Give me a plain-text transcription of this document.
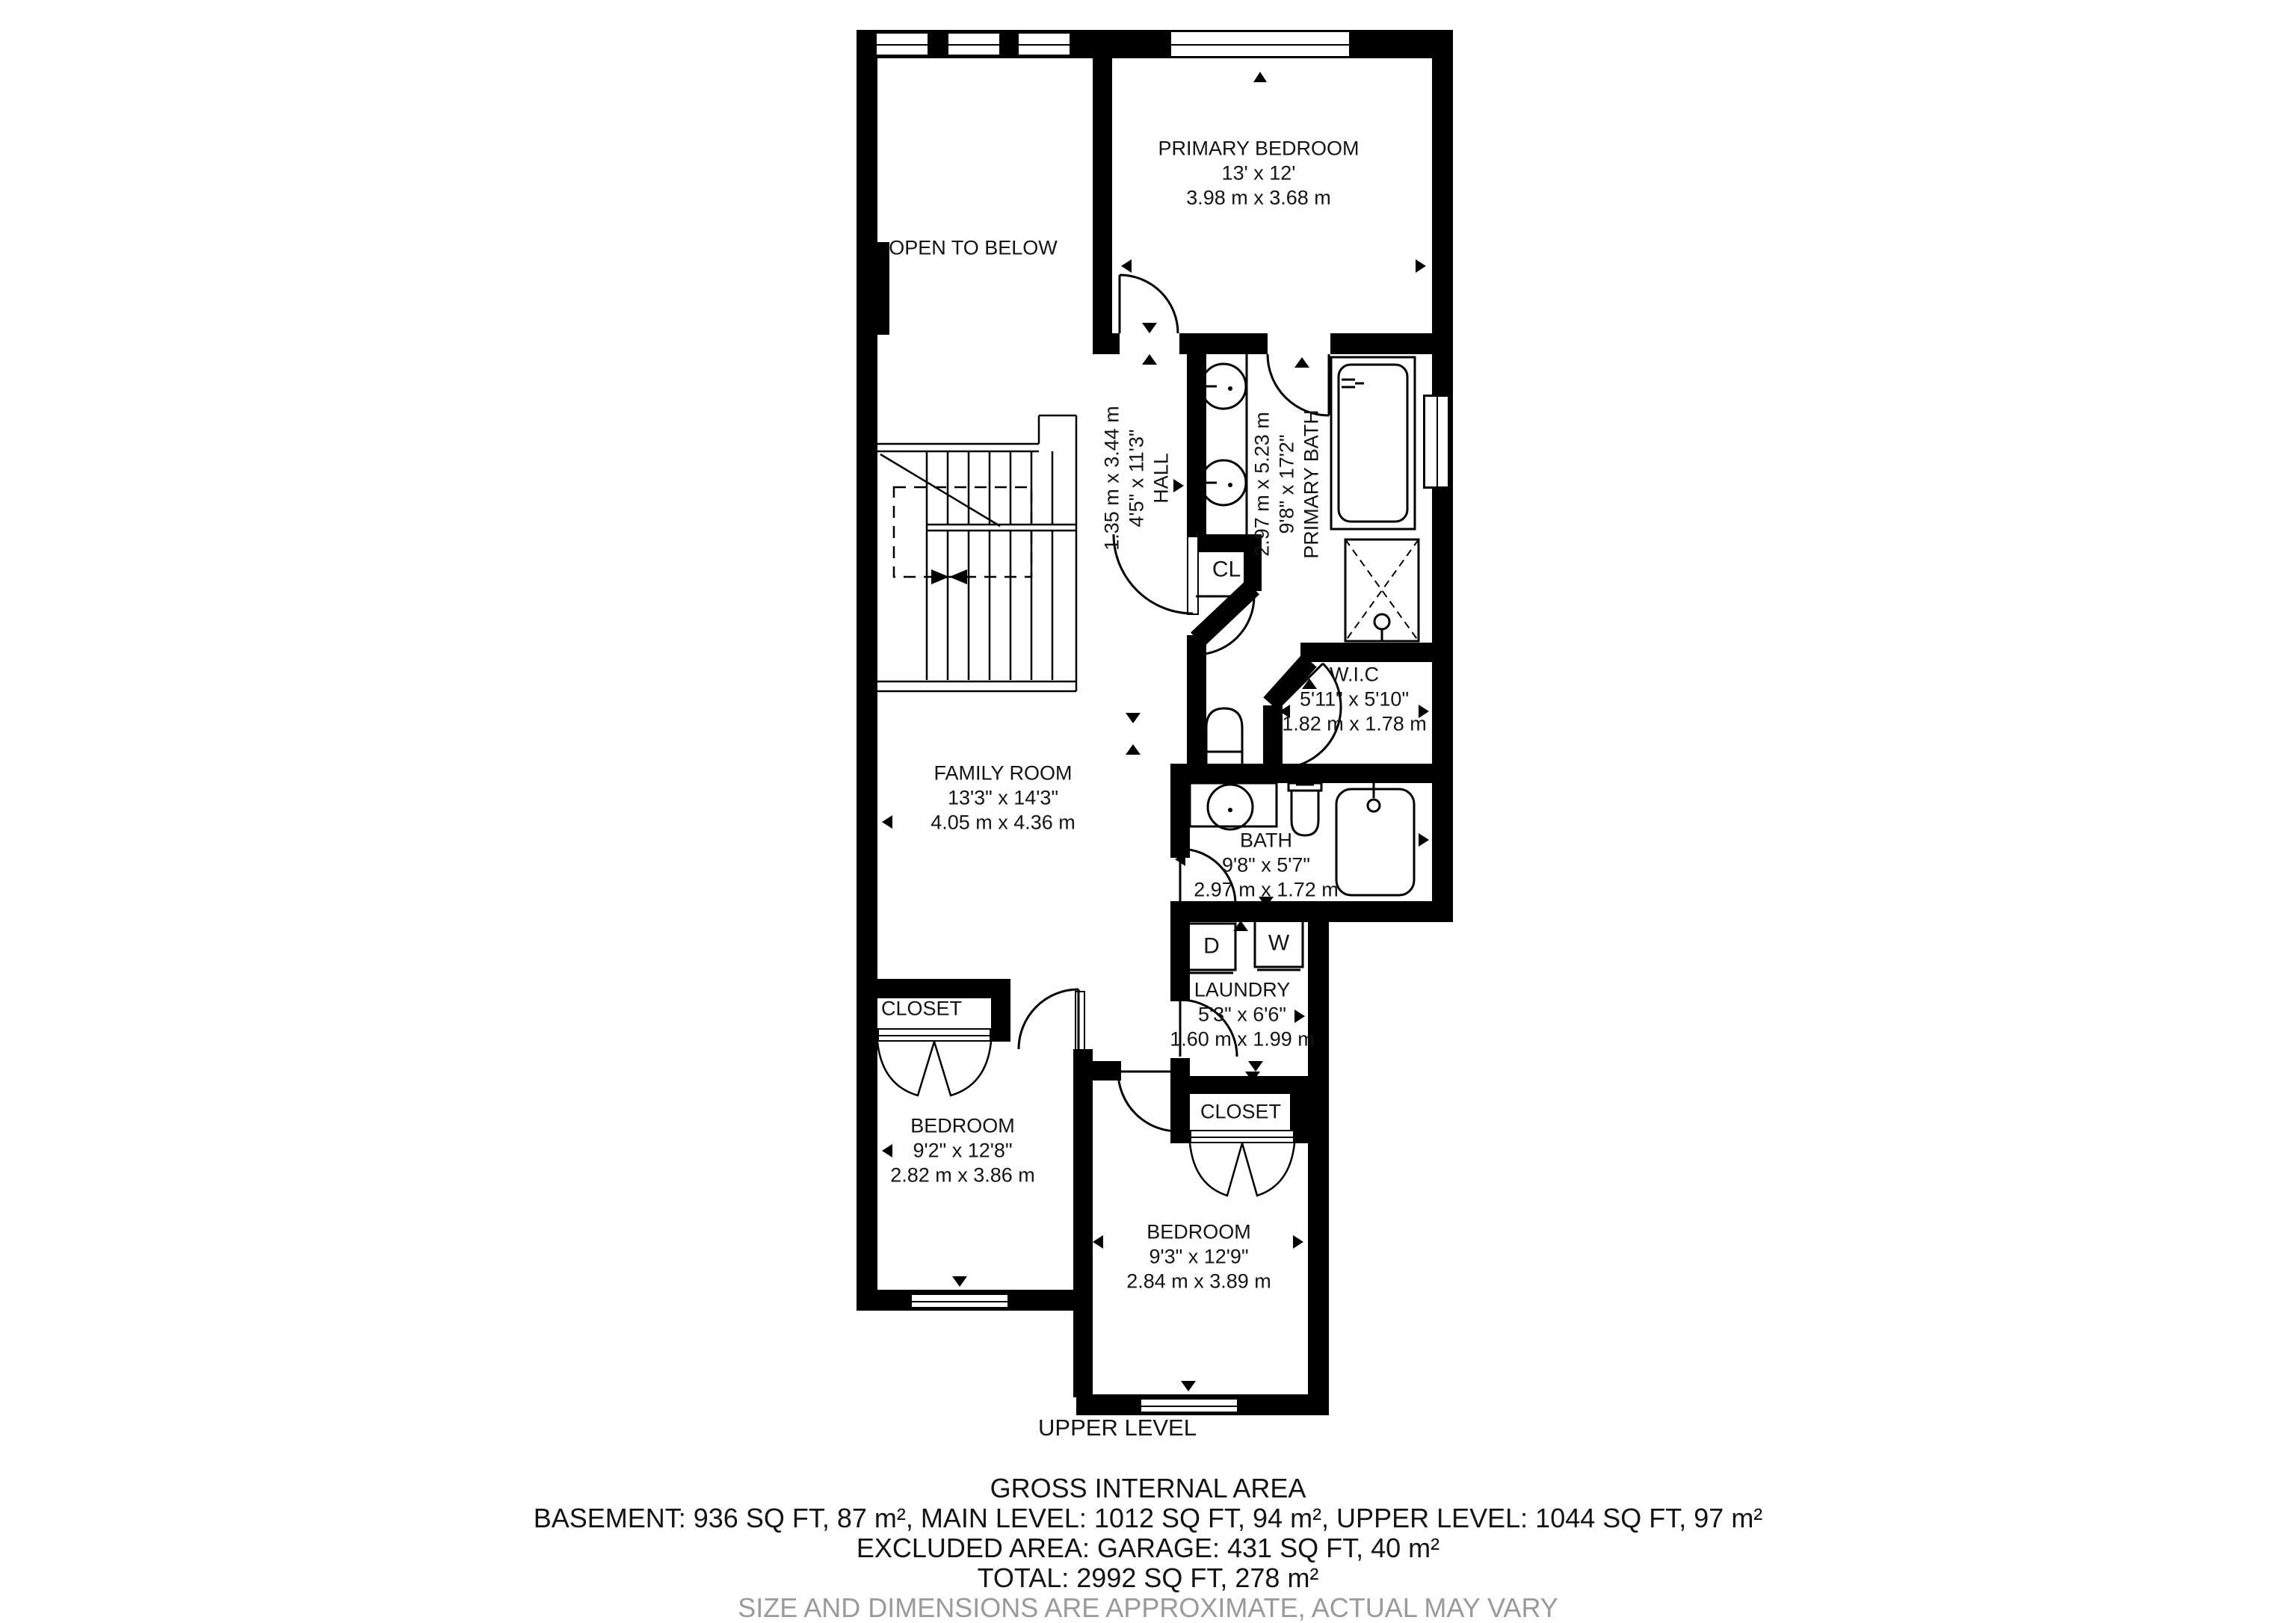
PRIMARY BEDROOM
13' x 12'
3.98 m x 3.68 m
OPEN TO BELOW
HALL
4'5" x 11'3"
1.35 m x 3.44 m	PRIMARY BATH
9'8" x 17'2"
2.97 m x 5.23 m
CL
W.I.C
5'11" x 5'10"
1.82 m x 1.78 m
FAMILY ROOM
13'3" x 14'3"
4.05 m x 4.36 m
BATH
9'8" x 5'7"
2.97 m x 1.72 m
D W
LAUNDRY
5'3" x 6'6"
1.60 m x 1.99 m
CLOSET
CLOSET
BEDROOM
9'2" x 12'8"
2.82 m x 3.86 m
BEDROOM
9'3" x 12'9"
2.84 m x 3.89 m
UPPER LEVEL
GROSS INTERNAL AREA
BASEMENT: 936 SQ FT, 87 m², MAIN LEVEL: 1012 SQ FT, 94 m², UPPER LEVEL: 1044 SQ FT, 97 m²
EXCLUDED AREA: GARAGE: 431 SQ FT, 40 m²
TOTAL: 2992 SQ FT, 278 m²
SIZE AND DIMENSIONS ARE APPROXIMATE, ACTUAL MAY VARY
